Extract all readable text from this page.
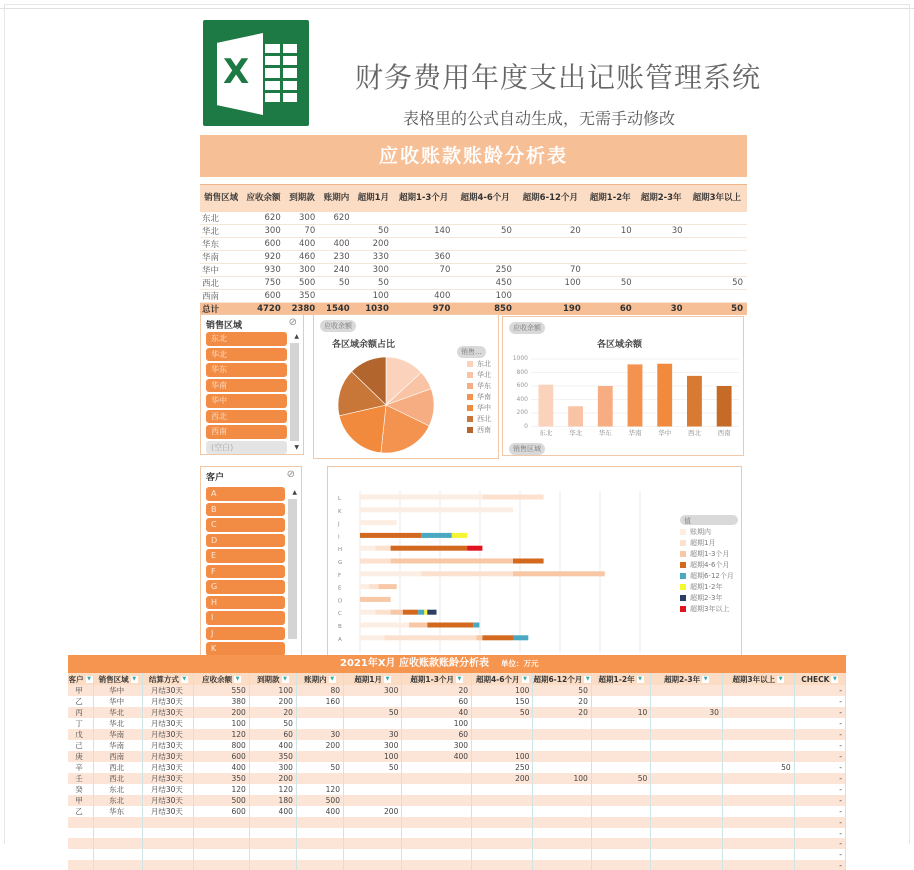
X	财务费用年度支出记账管理系统
表格里的公式自动生成，无需手动修改
应收账款账龄分析表
销售区域	应收余额	到期款	账期内	超期1月	超期1-3个月	超期4-6个月	超期6-12个月	超期1-2年	超期2-3年	超期3年以上
东北	620	300	620							
华北	300	70		50	140	50	20	10	30	
华东	600	400	400	200						
华南	920	460	230	330	360					
华中	930	300	240	300	70	250	70			
西北	750	500	50	50		450	100	50		50
西南	600	350		100	400	100				
总计	4720	2380	1540	1030	970	850	190	60	30	50
销售区域	⊘
东北
华北
华东
华南
华中
西北
西南
(空白)
▲
▼
应收余额
各区域余额占比
销售...
东北
华北
华东
华南
华中
西北
西南
应收余额
各区域余额
1000
800
600
400
200
0
东北	华北	华东	华南	华中	西北	西南
销售区域
客户	⊘
A
B
C
D
E
F
G
H
I
J
K
▲
L
K
J
I
H
G
F
E
D
C
B
A
值
账期内
超期1月
超期1-3个月
超期4-6个月
超期6-12个月
超期1-2年
超期2-3年
超期3年以上
2021年X月 应收账款账龄分析表 单位：万元
客户 ▼	销售区域 ▼	结算方式 ▼	应收余额 ▼	到期款 ▼	账期内 ▼	超期1月 ▼	超期1-3个月 ▼	超期4-6个月 ▼	超期6-12个月 ▼	超期1-2年 ▼	超期2-3年 ▼	超期3年以上 ▼	CHECK ▼
甲	华中	月结30天	550	100	80	300	20	100	50				-
乙	华中	月结30天	380	200	160		60	150	20				-
丙	华北	月结30天	200	20		50	40	50	20	10	30		-
丁	华北	月结30天	100	50			100						-
戊	华南	月结30天	120	60	30	30	60						-
己	华南	月结30天	800	400	200	300	300						-
庚	西南	月结30天	600	350		100	400	100					-
辛	西北	月结30天	400	300	50	50		250				50	-
壬	西北	月结30天	350	200				200	100	50			-
癸	东北	月结30天	120	120	120								-
甲	东北	月结30天	500	180	500								-
乙	华东	月结30天	600	400	400	200							-
													-
													-
													-
													-
													-
